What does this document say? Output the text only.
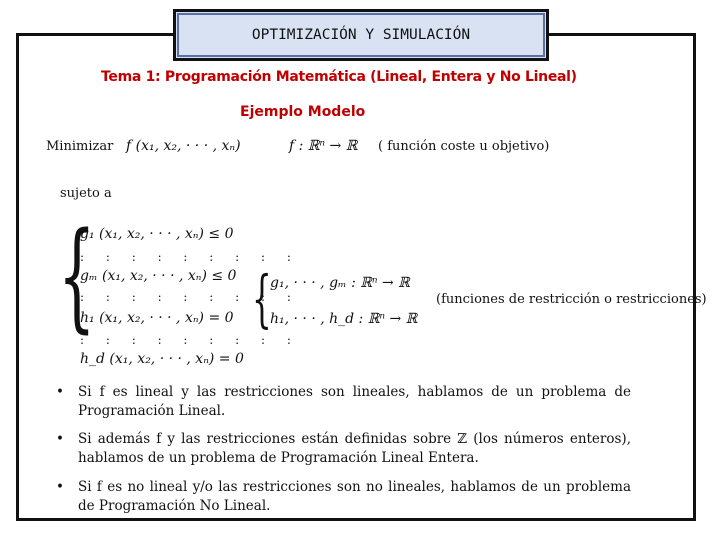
OPTIMIZACIÓN Y SIMULACIÓN
Tema 1: Programación Matemática (Lineal, Entera y No Lineal)
Ejemplo Modelo
Minimizar f (x₁, x₂, · · · , xₙ)	f : ℝⁿ → ℝ ( función coste u objetivo)
sujeto a
{
g₁ (x₁, x₂, · · · , xₙ) ≤ 0
: : : : : : : : :
gₘ (x₁, x₂, · · · , xₙ) ≤ 0
: : : : : : : : :
h₁ (x₁, x₂, · · · , xₙ) = 0
: : : : : : : : :
h_d (x₁, x₂, · · · , xₙ) = 0
{
g₁, · · · , gₘ : ℝⁿ → ℝ
h₁, · · · , h_d : ℝⁿ → ℝ
(funciones de restricción o restricciones)
• Si f es lineal y las restricciones son lineales, hablamos de un problema de Programación Lineal.
• Si además f y las restricciones están definidas sobre ℤ (los números enteros), hablamos de un problema de Programación Lineal Entera.
• Si f es no lineal y/o las restricciones son no lineales, hablamos de un problema de Programación No Lineal.
